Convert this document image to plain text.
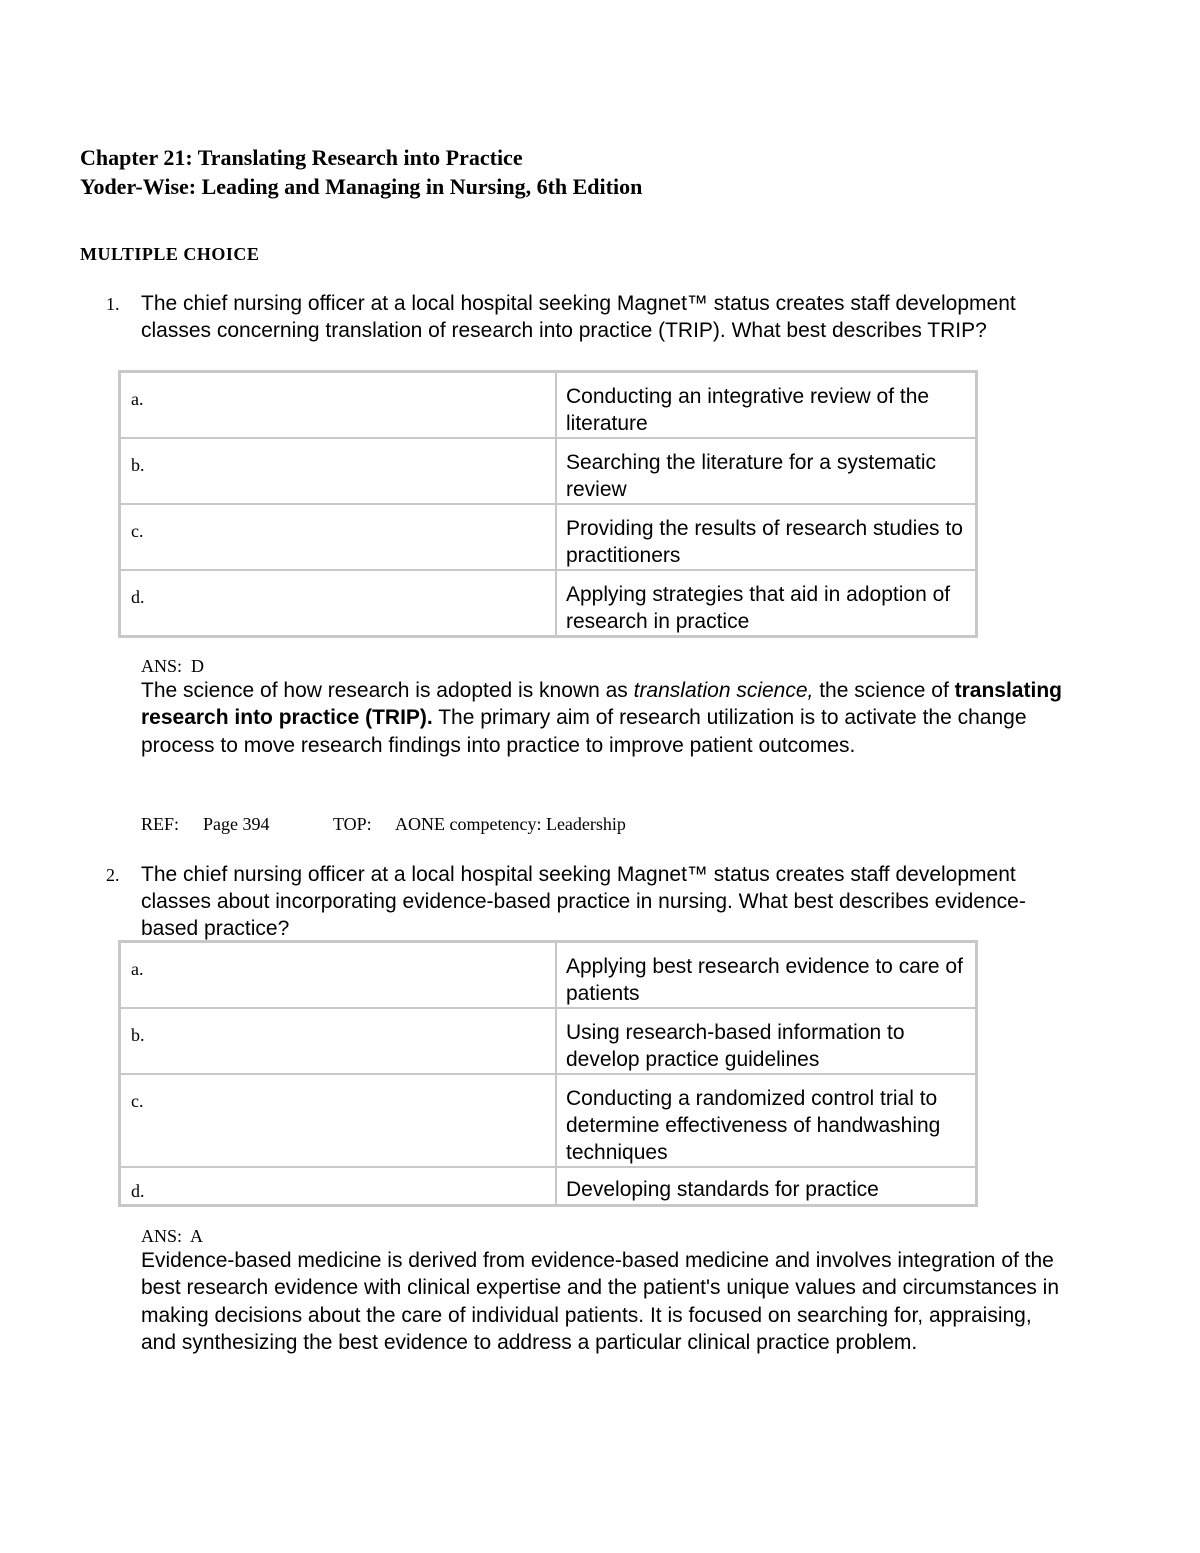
Chapter 21: Translating Research into Practice
Yoder-Wise: Leading and Managing in Nursing, 6th Edition
MULTIPLE CHOICE
1. The chief nursing officer at a local hospital seeking Magnet™ status creates staff development classes concerning translation of research into practice (TRIP). What best describes TRIP?
a.	Conducting an integrative review of the literature
b.	Searching the literature for a systematic review
c.	Providing the results of research studies to practitioners
d.	Applying strategies that aid in adoption of research in practice
ANS: D
The science of how research is adopted is known as translation science, the science of translating research into practice (TRIP). The primary aim of research utilization is to activate the change process to move research findings into practice to improve patient outcomes.
REF: Page 394	TOP: AONE competency: Leadership
2. The chief nursing officer at a local hospital seeking Magnet™ status creates staff development classes about incorporating evidence-based practice in nursing. What best describes evidence-based practice?
a.	Applying best research evidence to care of patients
b.	Using research-based information to develop practice guidelines
c.	Conducting a randomized control trial to determine effectiveness of handwashing techniques
d.	Developing standards for practice
ANS: A
Evidence-based medicine is derived from evidence-based medicine and involves integration of the best research evidence with clinical expertise and the patient's unique values and circumstances in making decisions about the care of individual patients. It is focused on searching for, appraising, and synthesizing the best evidence to address a particular clinical practice problem.
